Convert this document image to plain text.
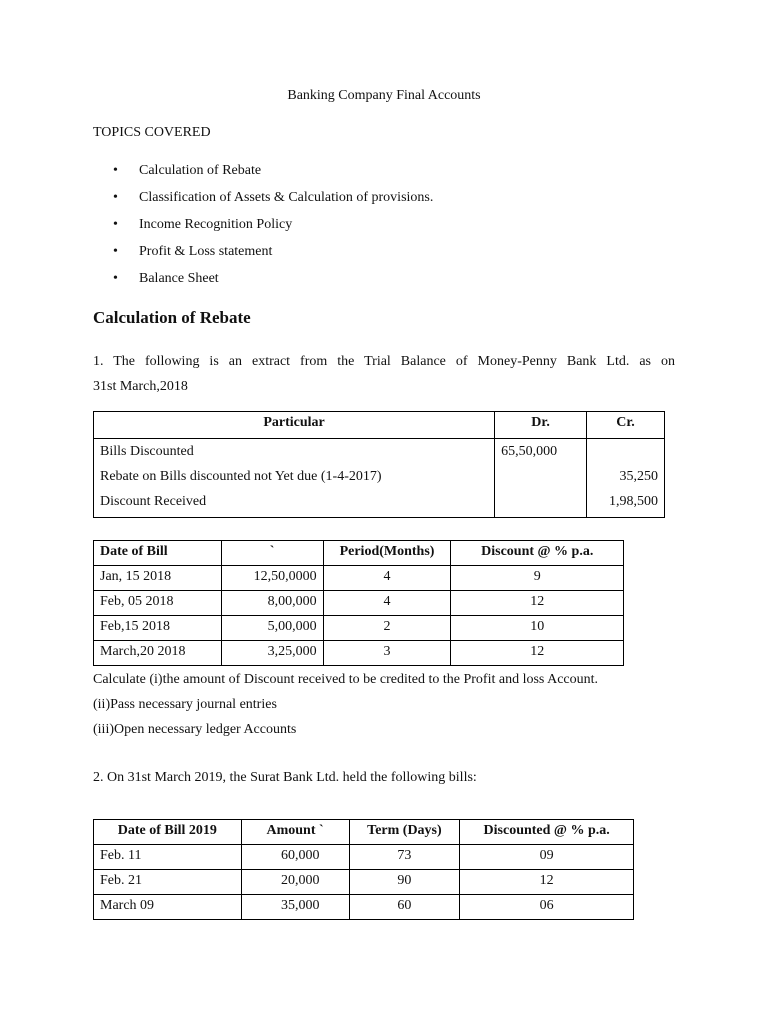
Banking Company Final Accounts
TOPICS COVERED
• Calculation of Rebate
• Classification of Assets & Calculation of provisions.
• Income Recognition Policy
• Profit & Loss statement
• Balance Sheet
Calculation of Rebate
1. The following is an extract from the Trial Balance of Money-Penny Bank Ltd. as on
31st March,2018
Particular	Dr.	Cr.
Bills Discounted	65,50,000	
Rebate on Bills discounted not Yet due (1-4-2017)		35,250
Discount Received		1,98,500
Date of Bill	`	Period(Months)	Discount @ % p.a.
Jan, 15 2018	12,50,0000	4	9
Feb, 05 2018	8,00,000	4	12
Feb,15 2018	5,00,000	2	10
March,20 2018	3,25,000	3	12
Calculate (i)the amount of Discount received to be credited to the Profit and loss Account.
(ii)Pass necessary journal entries
(iii)Open necessary ledger Accounts
2. On 31st March 2019, the Surat Bank Ltd. held the following bills:
Date of Bill 2019	Amount `	Term (Days)	Discounted @ % p.a.
Feb. 11	60,000	73	09
Feb. 21	20,000	90	12
March 09	35,000	60	06
